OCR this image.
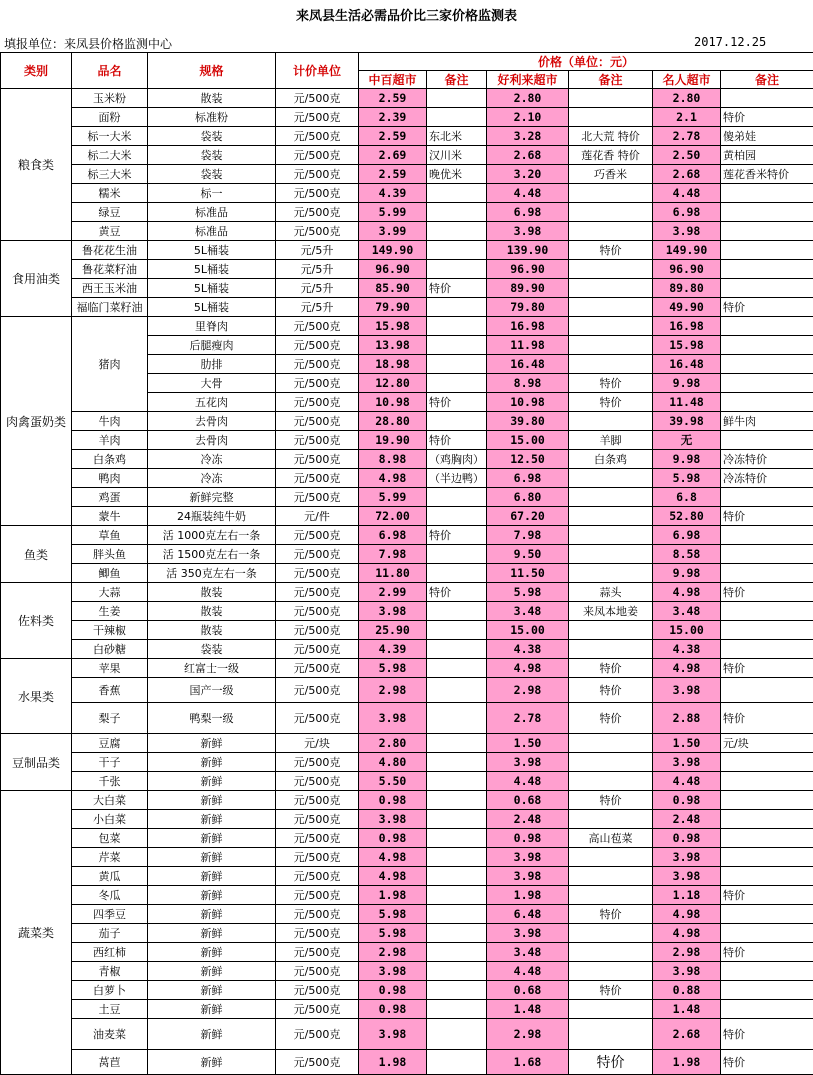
来凤县生活必需品价比三家价格监测表
填报单位：来凤县价格监测中心	2017.12.25
类别	品名	规格	计价单位	价格（单位：元）					
				中百超市	备注	好利来超市	备注	名人超市	备注
粮食类	玉米粉	散装	元/500克	2.59		2.80		2.80	
	面粉	标准粉	元/500克	2.39		2.10		2.1	特价
	标一大米	袋装	元/500克	2.59	东北米	3.28	北大荒 特价	2.78	傻弟娃
	标二大米	袋装	元/500克	2.69	汉川米	2.68	莲花香 特价	2.50	黄柏园
	标三大米	袋装	元/500克	2.59	晚优米	3.20	巧香米	2.68	莲花香米特价
	糯米	标一	元/500克	4.39		4.48		4.48	
	绿豆	标准品	元/500克	5.99		6.98		6.98	
	黄豆	标准品	元/500克	3.99		3.98		3.98	
食用油类	鲁花花生油	5L桶装	元/5升	149.90		139.90	特价	149.90	
	鲁花菜籽油	5L桶装	元/5升	96.90		96.90		96.90	
	西王玉米油	5L桶装	元/5升	85.90	特价	89.90		89.80	
	福临门菜籽油	5L桶装	元/5升	79.90		79.80		49.90	特价
肉禽蛋奶类	猪肉	里脊肉	元/500克	15.98		16.98		16.98	
		后腿瘦肉	元/500克	13.98		11.98		15.98	
		肋排	元/500克	18.98		16.48		16.48	
		大骨	元/500克	12.80		8.98	特价	9.98	
		五花肉	元/500克	10.98	特价	10.98	特价	11.48	
	牛肉	去骨肉	元/500克	28.80		39.80		39.98	鲜牛肉
	羊肉	去骨肉	元/500克	19.90	特价	15.00	羊脚	无	
	白条鸡	冷冻	元/500克	8.98	（鸡胸肉）	12.50	白条鸡	9.98	冷冻特价
	鸭肉	冷冻	元/500克	4.98	（半边鸭）	6.98		5.98	冷冻特价
	鸡蛋	新鲜完整	元/500克	5.99		6.80		6.8	
	蒙牛	24瓶装纯牛奶	元/件	72.00		67.20		52.80	特价
鱼类	草鱼	活 1000克左右一条	元/500克	6.98	特价	7.98		6.98	
	胖头鱼	活 1500克左右一条	元/500克	7.98		9.50		8.58	
	鲫鱼	活 350克左右一条	元/500克	11.80		11.50		9.98	
佐料类	大蒜	散装	元/500克	2.99	特价	5.98	蒜头	4.98	特价
	生姜	散装	元/500克	3.98		3.48	来凤本地姜	3.48	
	干辣椒	散装	元/500克	25.90		15.00		15.00	
	白砂糖	袋装	元/500克	4.39		4.38		4.38	
水果类	苹果	红富士一级	元/500克	5.98		4.98	特价	4.98	特价
	香蕉	国产一级	元/500克	2.98		2.98	特价	3.98	
	梨子	鸭梨一级	元/500克	3.98		2.78	特价	2.88	特价
豆制品类	豆腐	新鲜	元/块	2.80		1.50		1.50	元/块
	干子	新鲜	元/500克	4.80		3.98		3.98	
	千张	新鲜	元/500克	5.50		4.48		4.48	
蔬菜类	大白菜	新鲜	元/500克	0.98		0.68	特价	0.98	
	小白菜	新鲜	元/500克	3.98		2.48		2.48	
	包菜	新鲜	元/500克	0.98		0.98	高山苞菜	0.98	
	芹菜	新鲜	元/500克	4.98		3.98		3.98	
	黄瓜	新鲜	元/500克	4.98		3.98		3.98	
	冬瓜	新鲜	元/500克	1.98		1.98		1.18	特价
	四季豆	新鲜	元/500克	5.98		6.48	特价	4.98	
	茄子	新鲜	元/500克	5.98		3.98		4.98	
	西红柿	新鲜	元/500克	2.98		3.48		2.98	特价
	青椒	新鲜	元/500克	3.98		4.48		3.98	
	白萝卜	新鲜	元/500克	0.98		0.68	特价	0.88	
	土豆	新鲜	元/500克	0.98		1.48		1.48	
	油麦菜	新鲜	元/500克	3.98		2.98		2.68	特价
	莴苣	新鲜	元/500克	1.98		1.68	特价	1.98	特价
